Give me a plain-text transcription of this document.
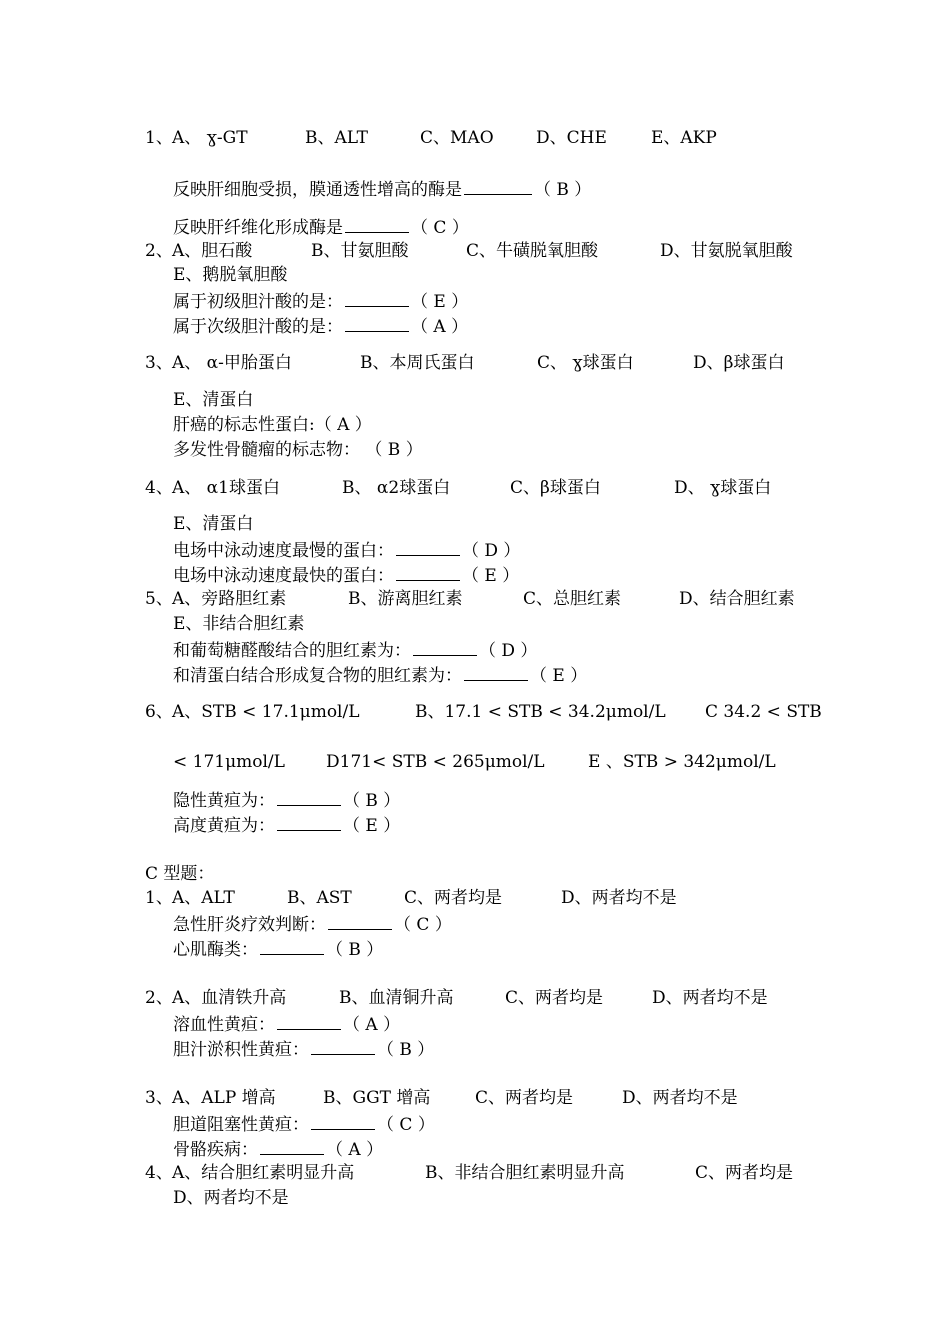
1、 A、 ɣ-GT	B、ALT	C、MAO D、CHE	E、AKP
反映肝细胞受损，膜通透性增高的酶是	（ B ）
反映肝纤维化形成酶是	（ C ）
2、 A、胆石酸	B、甘氨胆酸	C、牛磺脱氧胆酸	D、甘氨脱氧胆酸
E、鹅脱氧胆酸
属于初级胆汁酸的是：	（ E ）
属于次级胆汁酸的是：	（ A ）
3、 A、 α-甲胎蛋白	B、本周氏蛋白	C、 ɣ球蛋白	D、β球蛋白
E、清蛋白
肝癌的标志性蛋白:（ A ）
多发性骨髓瘤的标志物： （ B ）
4、 A、 α1球蛋白	B、 α2球蛋白	C、β球蛋白	D、 ɣ球蛋白
E、清蛋白
电场中泳动速度最慢的蛋白：	（ D ）
电场中泳动速度最快的蛋白：	（ E ）
5、 A、旁路胆红素	B、游离胆红素	C、总胆红素	D、结合胆红素
E、非结合胆红素
和葡萄糖醛酸结合的胆红素为：	（ D ）
和清蛋白结合形成复合物的胆红素为：	（ E ）
6、 A、STB < 17.1μmol/L	B、17.1 < STB < 34.2μmol/L C 34.2 < STB
< 171μmol/L D171< STB < 265μmol/L	E 、STB > 342μmol/L
隐性黄疸为：	（ B ）
高度黄疸为：	（ E ）
C 型题：
1、 A、ALT	B、AST	C、两者均是	D、两者均不是
急性肝炎疗效判断：	（ C ）
心肌酶类：	（ B ）
2、 A、血清铁升高	B、血清铜升高	C、两者均是	D、两者均不是
溶血性黄疸：	（ A ）
胆汁淤积性黄疸：	（ B ）
3、 A、ALP 增高	B、GGT 增高	C、两者均是	D、两者均不是
胆道阻塞性黄疸：	（ C ）
骨骼疾病：	（ A ）
4、 A、结合胆红素明显升高	B、非结合胆红素明显升高	C、两者均是
D、两者均不是
